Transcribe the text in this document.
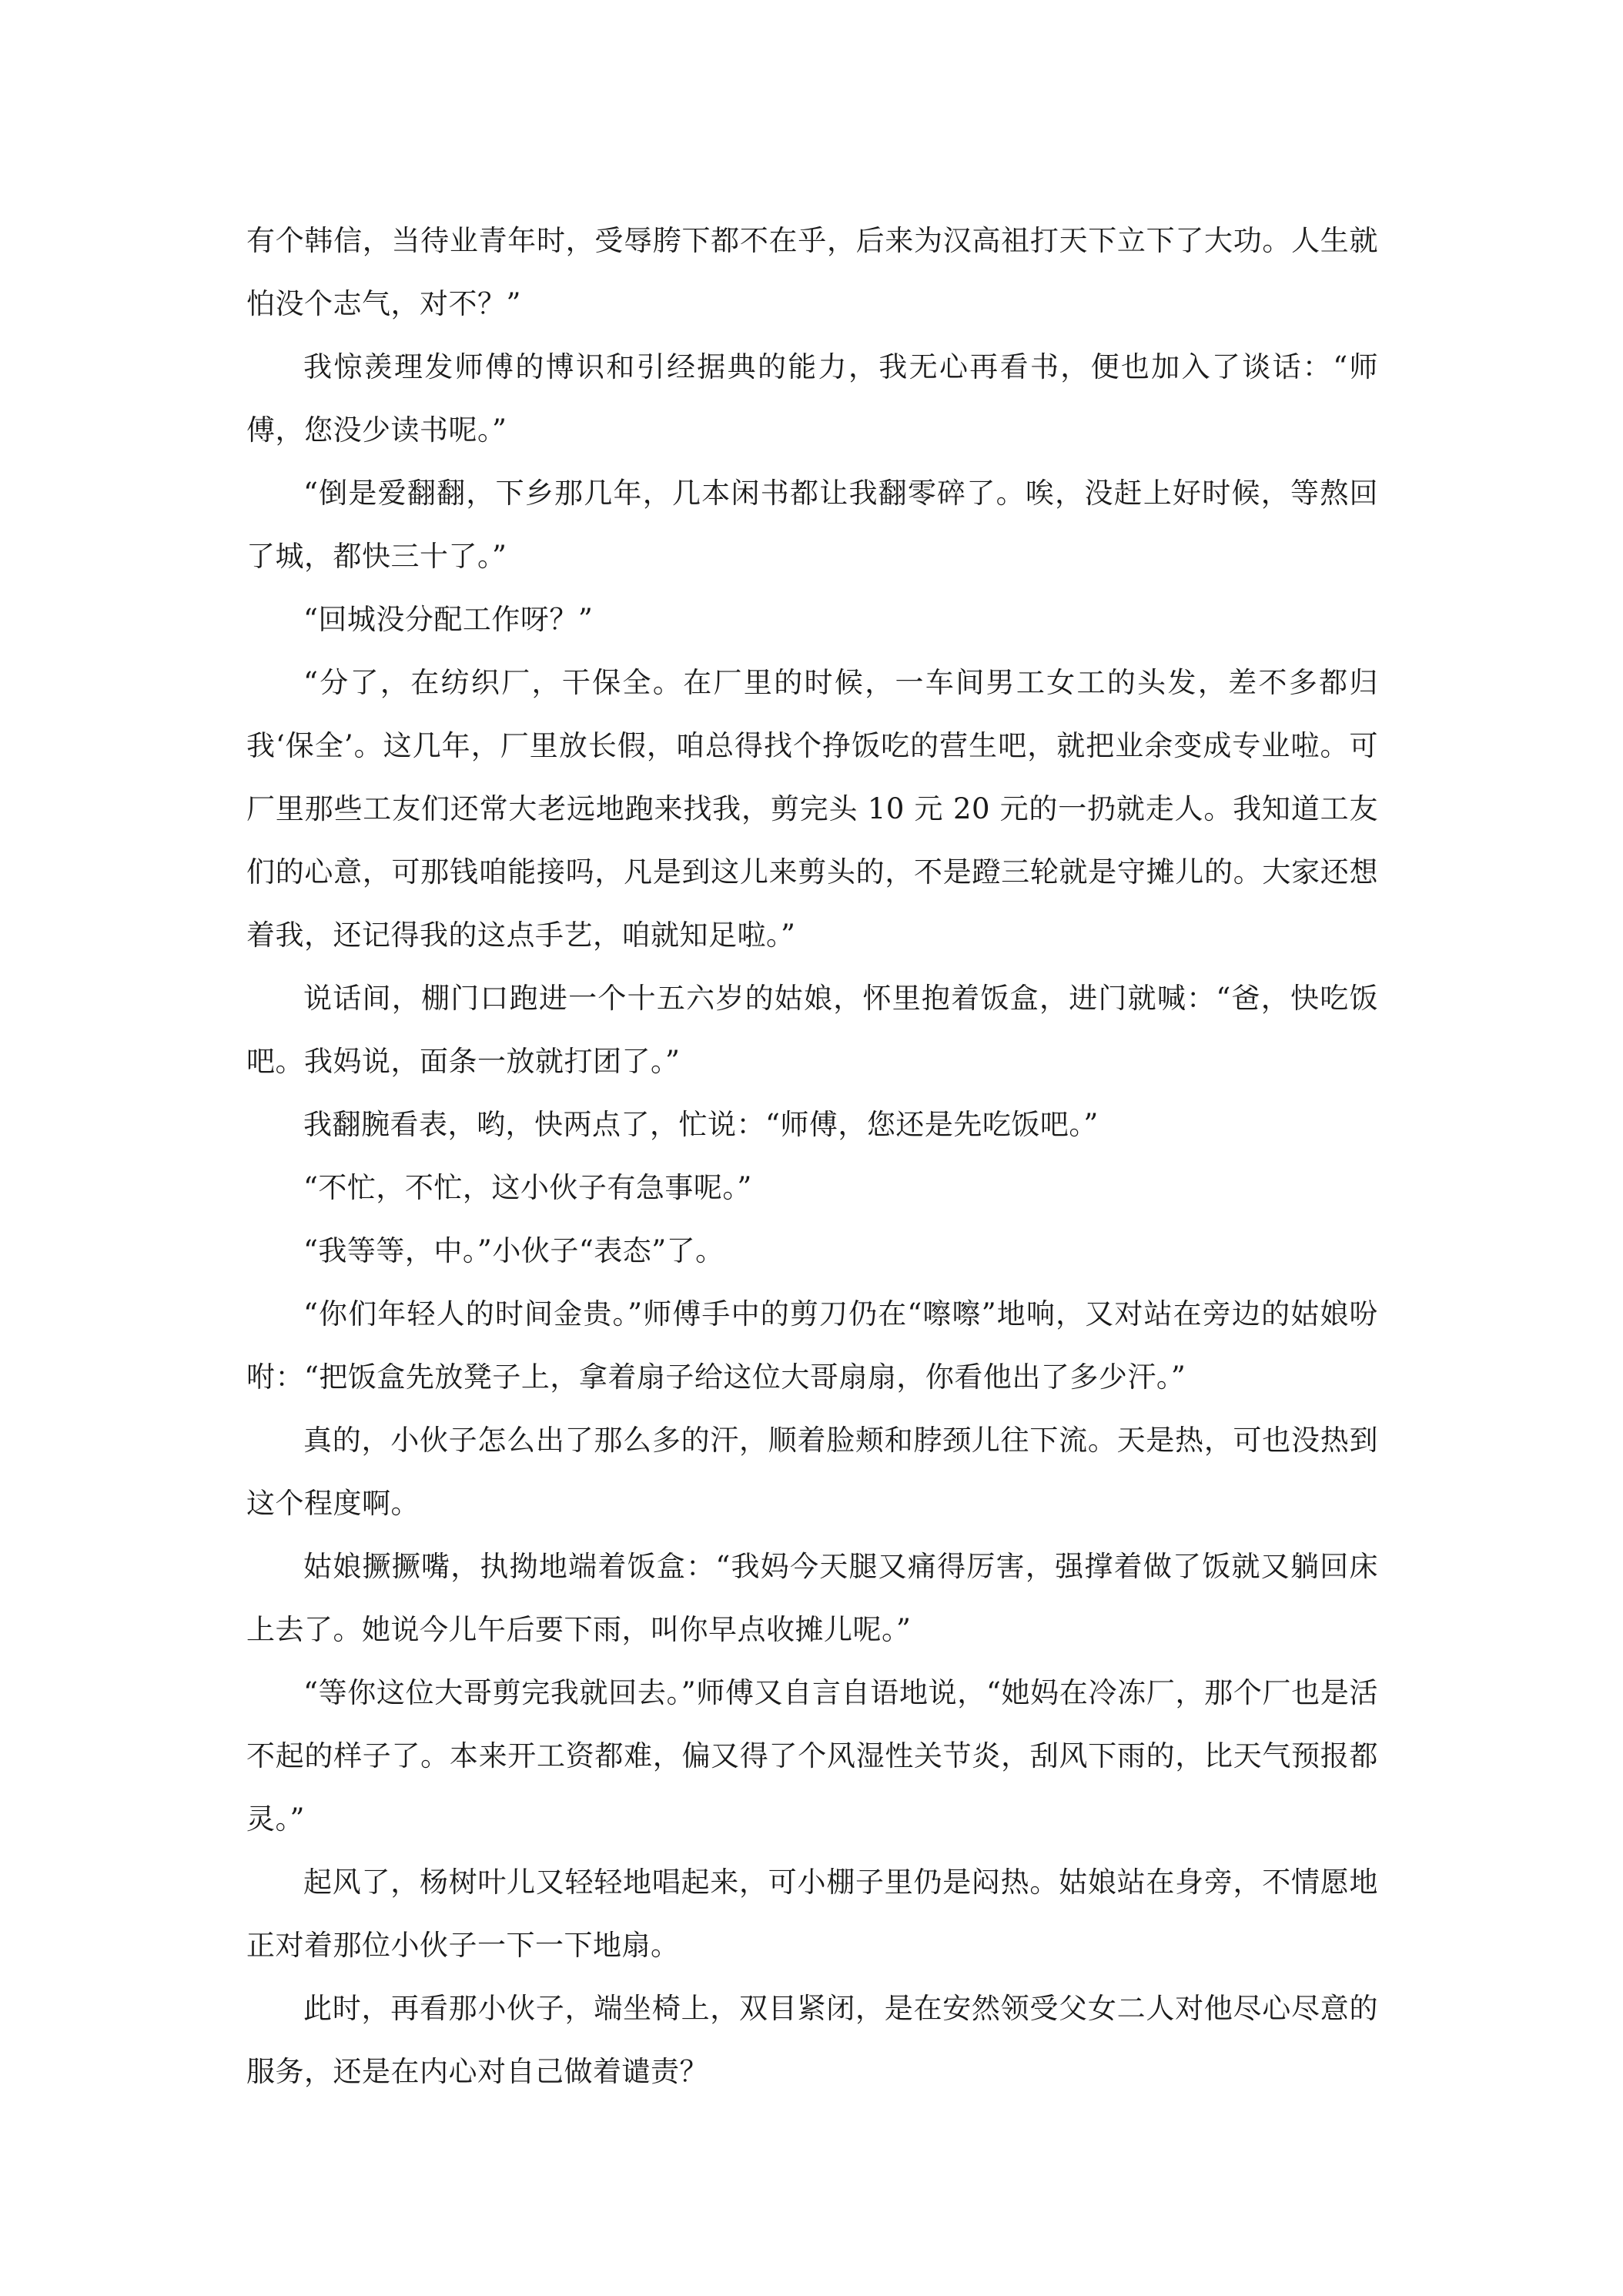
有个韩信，当待业青年时，受辱胯下都不在乎，后来为汉高祖打天下立下了大功。人生就怕没个志气，对不？”

我惊羡理发师傅的博识和引经据典的能力，我无心再看书，便也加入了谈话：“师傅，您没少读书呢。”

“倒是爱翻翻，下乡那几年，几本闲书都让我翻零碎了。唉，没赶上好时候，等熬回了城，都快三十了。”

“回城没分配工作呀？”

“分了，在纺织厂，干保全。在厂里的时候，一车间男工女工的头发，差不多都归我‘保全’。这几年，厂里放长假，咱总得找个挣饭吃的营生吧，就把业余变成专业啦。可厂里那些工友们还常大老远地跑来找我，剪完头 10 元 20 元的一扔就走人。我知道工友们的心意，可那钱咱能接吗，凡是到这儿来剪头的，不是蹬三轮就是守摊儿的。大家还想着我，还记得我的这点手艺，咱就知足啦。”

说话间，棚门口跑进一个十五六岁的姑娘，怀里抱着饭盒，进门就喊：“爸，快吃饭吧。我妈说，面条一放就打团了。”

我翻腕看表，哟，快两点了，忙说：“师傅，您还是先吃饭吧。”

“不忙，不忙，这小伙子有急事呢。”

“我等等，中。”小伙子“表态”了。

“你们年轻人的时间金贵。”师傅手中的剪刀仍在“嚓嚓”地响，又对站在旁边的姑娘吩咐：“把饭盒先放凳子上，拿着扇子给这位大哥扇扇，你看他出了多少汗。”

真的，小伙子怎么出了那么多的汗，顺着脸颊和脖颈儿往下流。天是热，可也没热到这个程度啊。

姑娘撅撅嘴，执拗地端着饭盒：“我妈今天腿又痛得厉害，强撑着做了饭就又躺回床上去了。她说今儿午后要下雨，叫你早点收摊儿呢。”

“等你这位大哥剪完我就回去。”师傅又自言自语地说，“她妈在冷冻厂，那个厂也是活不起的样子了。本来开工资都难，偏又得了个风湿性关节炎，刮风下雨的，比天气预报都灵。”

起风了，杨树叶儿又轻轻地唱起来，可小棚子里仍是闷热。姑娘站在身旁，不情愿地正对着那位小伙子一下一下地扇。

此时，再看那小伙子，端坐椅上，双目紧闭，是在安然领受父女二人对他尽心尽意的服务，还是在内心对自己做着谴责？
